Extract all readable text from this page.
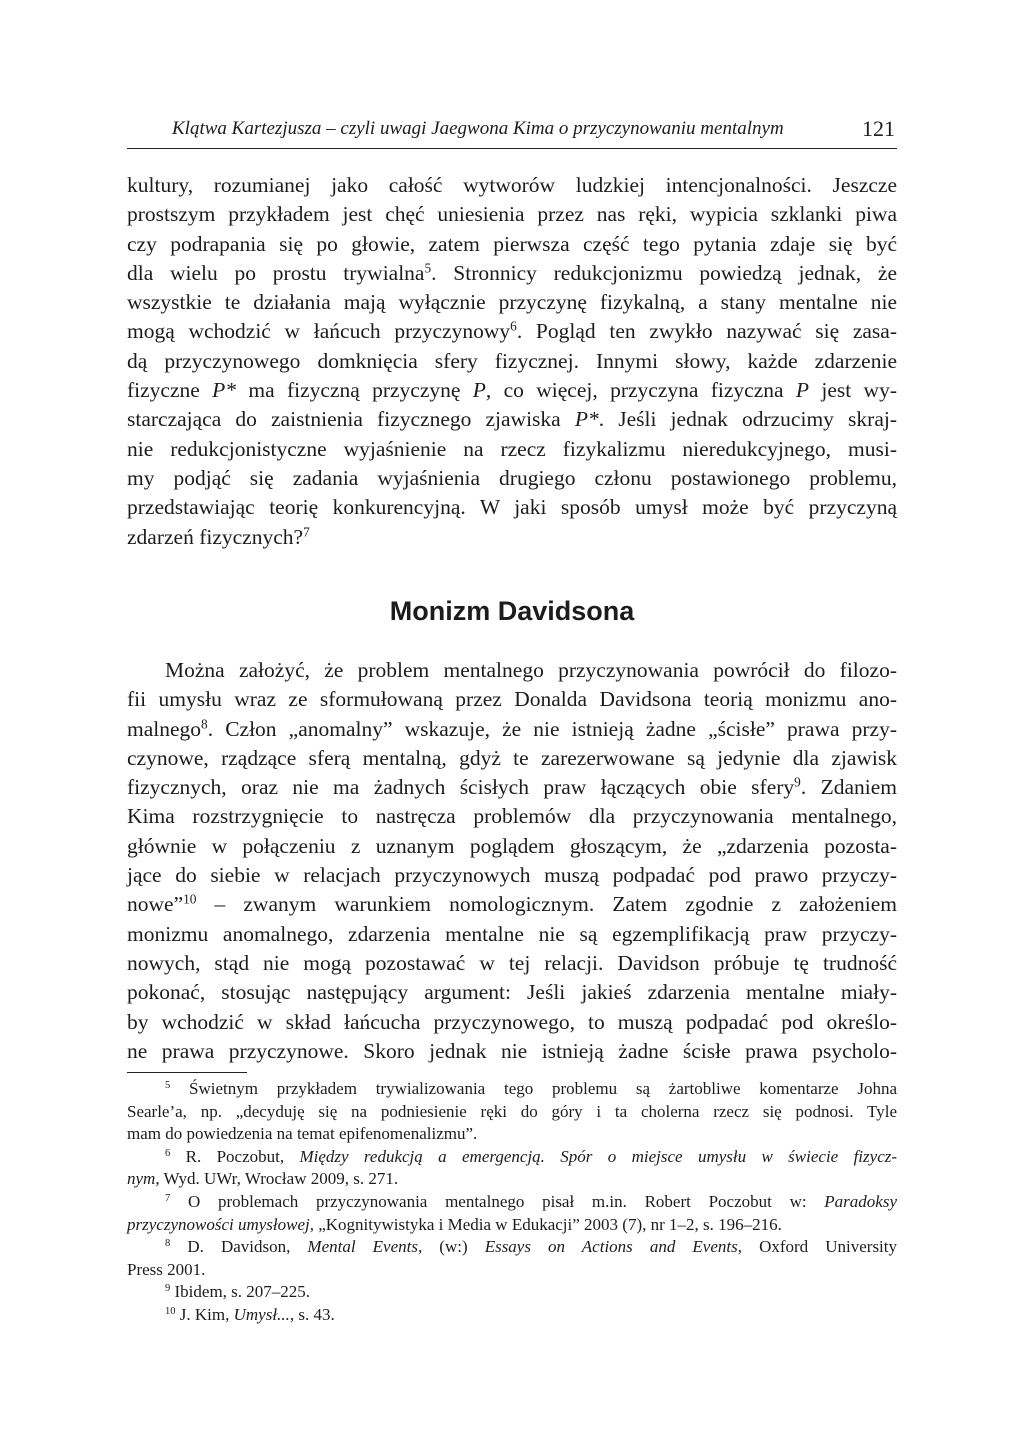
Klątwa Kartezjusza – czyli uwagi Jaegwona Kima o przyczynowaniu mentalnym	121
kultury, rozumianej jako całość wytworów ludzkiej intencjonalności. Jeszcze
prostszym przykładem jest chęć uniesienia przez nas ręki, wypicia szklanki piwa
czy podrapania się po głowie, zatem pierwsza część tego pytania zdaje się być
dla wielu po prostu trywialna$^5$. Stronnicy redukcjonizmu powiedzą jednak, że
wszystkie te działania mają wyłącznie przyczynę fizykalną, a stany mentalne nie
mogą wchodzić w łańcuch przyczynowy$^6$. Pogląd ten zwykło nazywać się zasa-
dą przyczynowego domknięcia sfery fizycznej. Innymi słowy, każde zdarzenie
fizyczne P* ma fizyczną przyczynę P, co więcej, przyczyna fizyczna P jest wy-
starczająca do zaistnienia fizycznego zjawiska P*. Jeśli jednak odrzucimy skraj-
nie redukcjonistyczne wyjaśnienie na rzecz fizykalizmu nieredukcyjnego, musi-
my podjąć się zadania wyjaśnienia drugiego członu postawionego problemu,
przedstawiając teorię konkurencyjną. W jaki sposób umysł może być przyczyną
zdarzeń fizycznych?$^7$
Monizm Davidsona
Można założyć, że problem mentalnego przyczynowania powrócił do filozo-
fii umysłu wraz ze sformułowaną przez Donalda Davidsona teorią monizmu ano-
malnego$^8$. Człon „anomalny” wskazuje, że nie istnieją żadne „ścisłe” prawa przy-
czynowe, rządzące sferą mentalną, gdyż te zarezerwowane są jedynie dla zjawisk
fizycznych, oraz nie ma żadnych ścisłych praw łączących obie sfery$^9$. Zdaniem
Kima rozstrzygnięcie to nastręcza problemów dla przyczynowania mentalnego,
głównie w połączeniu z uznanym poglądem głoszącym, że „zdarzenia pozosta-
jące do siebie w relacjach przyczynowych muszą podpadać pod prawo przyczy-
nowe”$^{10}$ – zwanym warunkiem nomologicznym. Zatem zgodnie z założeniem
monizmu anomalnego, zdarzenia mentalne nie są egzemplifikacją praw przyczy-
nowych, stąd nie mogą pozostawać w tej relacji. Davidson próbuje tę trudność
pokonać, stosując następujący argument: Jeśli jakieś zdarzenia mentalne miały-
by wchodzić w skład łańcucha przyczynowego, to muszą podpadać pod określo-
ne prawa przyczynowe. Skoro jednak nie istnieją żadne ścisłe prawa psycholo-
$^5$ Świetnym przykładem trywializowania tego problemu są żartobliwe komentarze Johna
Searle’a, np. „decyduję się na podniesienie ręki do góry i ta cholerna rzecz się podnosi. Tyle
mam do powiedzenia na temat epifenomenalizmu”.
$^6$ R. Poczobut, Między redukcją a emergencją. Spór o miejsce umysłu w świecie fizycz-
nym, Wyd. UWr, Wrocław 2009, s. 271.
$^7$ O problemach przyczynowania mentalnego pisał m.in. Robert Poczobut w: Paradoksy
przyczynowości umysłowej, „Kognitywistyka i Media w Edukacji” 2003 (7), nr 1–2, s. 196–216.
$^8$ D. Davidson, Mental Events, (w:) Essays on Actions and Events, Oxford University
Press 2001.
$^9$ Ibidem, s. 207–225.
$^{10}$ J. Kim, Umysł..., s. 43.
